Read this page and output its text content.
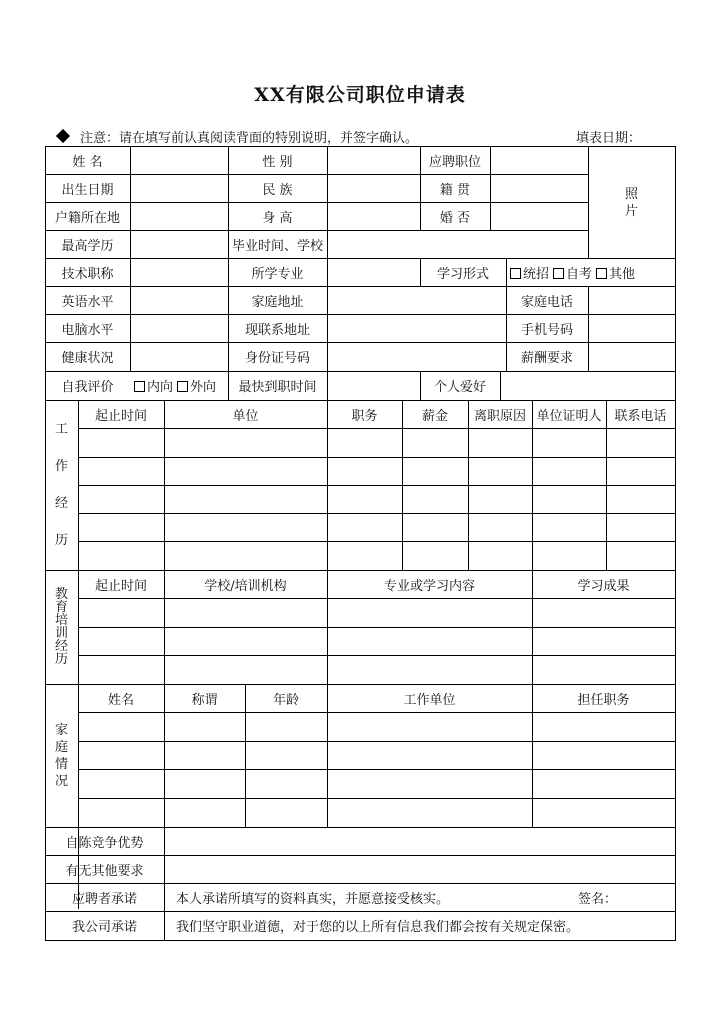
XX有限公司职位申请表
注意：请在填写前认真阅读背面的特别说明，并签字确认。	填表日期：
姓 名	性 别	应聘职位
出生日期	民 族	籍 贯
户籍所在地	身 高	婚 否
照
片
最高学历	毕业时间、学校
技术职称	所学专业	学习形式	统招	自考	其他
英语水平	家庭地址	家庭电话
电脑水平	现联系地址	手机号码
健康状况	身份证号码	薪酬要求
自我评价	内向	外向	最快到职时间	个人爱好
工
作
经
历
起止时间	单位	职务	薪金	离职原因 单位证明人 联系电话
教
育
培
训
经
历
起止时间	学校/培训机构	专业或学习内容	学习成果
家
庭
情
况
姓名	称谓	年龄	工作单位	担任职务
自陈竞争优势
有无其他要求
应聘者承诺	本人承诺所填写的资料真实，并愿意接受核实。	签名：
我公司承诺	我们坚守职业道德，对于您的以上所有信息我们都会按有关规定保密。
